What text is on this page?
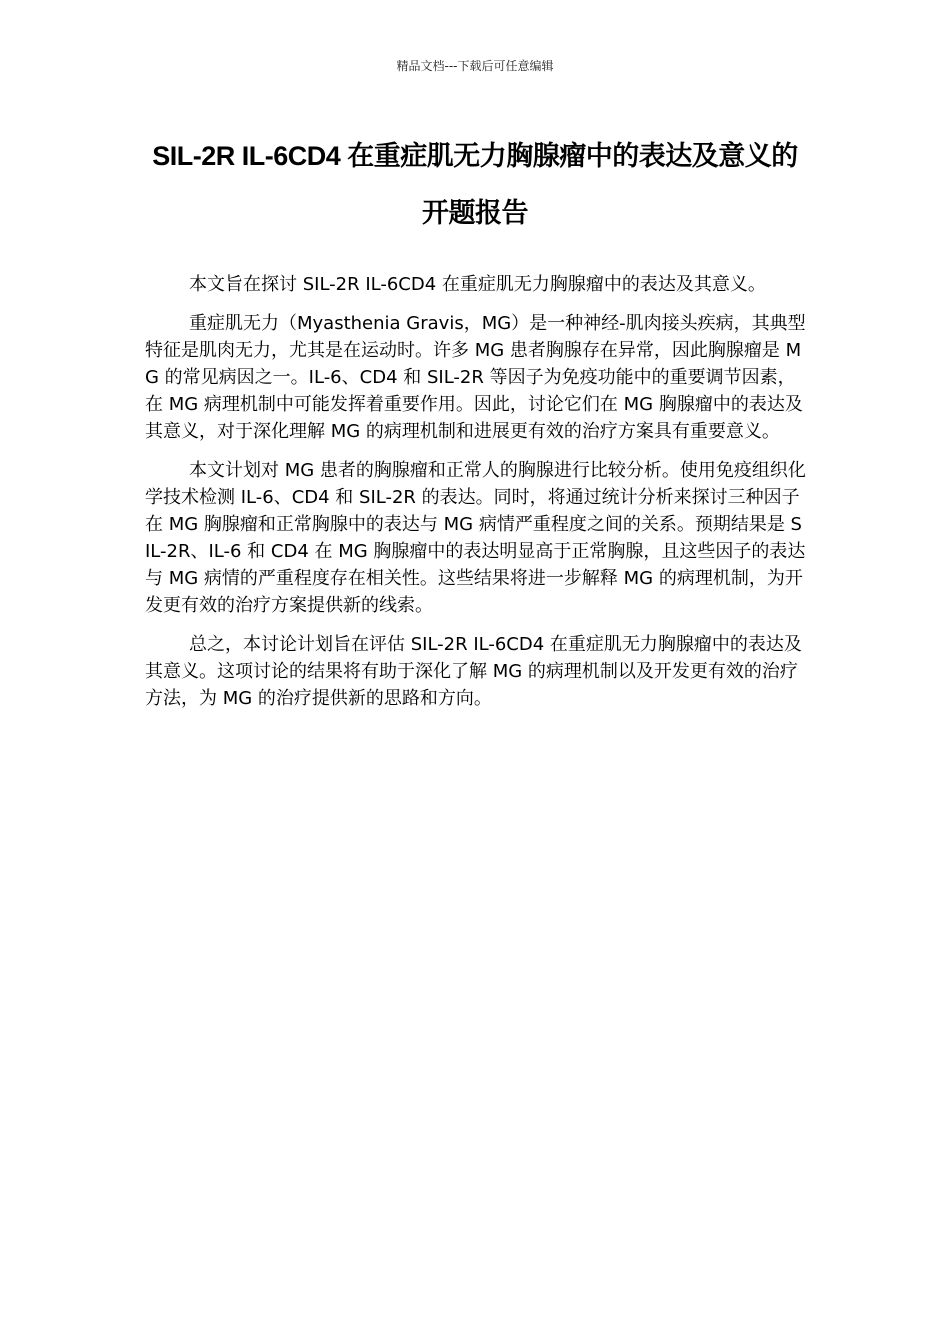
精品文档---下载后可任意编辑
SIL-2R IL-6CD4 在重症肌无力胸腺瘤中的表达及意义的开题报告

本文旨在探讨 SIL-2R IL-6CD4 在重症肌无力胸腺瘤中的表达及其意义。

重症肌无力（Myasthenia Gravis，MG）是一种神经-肌肉接头疾病，其典型特征是肌肉无力，尤其是在运动时。许多 MG 患者胸腺存在异常，因此胸腺瘤是 MG 的常见病因之一。IL-6、CD4 和 SIL-2R 等因子为免疫功能中的重要调节因素，在 MG 病理机制中可能发挥着重要作用。因此，讨论它们在 MG 胸腺瘤中的表达及其意义，对于深化理解 MG 的病理机制和进展更有效的治疗方案具有重要意义。

本文计划对 MG 患者的胸腺瘤和正常人的胸腺进行比较分析。使用免疫组织化学技术检测 IL-6、CD4 和 SIL-2R 的表达。同时，将通过统计分析来探讨三种因子在 MG 胸腺瘤和正常胸腺中的表达与 MG 病情严重程度之间的关系。预期结果是 SIL-2R、IL-6 和 CD4 在 MG 胸腺瘤中的表达明显高于正常胸腺，且这些因子的表达与 MG 病情的严重程度存在相关性。这些结果将进一步解释 MG 的病理机制，为开发更有效的治疗方案提供新的线索。

总之，本讨论计划旨在评估 SIL-2R IL-6CD4 在重症肌无力胸腺瘤中的表达及其意义。这项讨论的结果将有助于深化了解 MG 的病理机制以及开发更有效的治疗方法，为 MG 的治疗提供新的思路和方向。
